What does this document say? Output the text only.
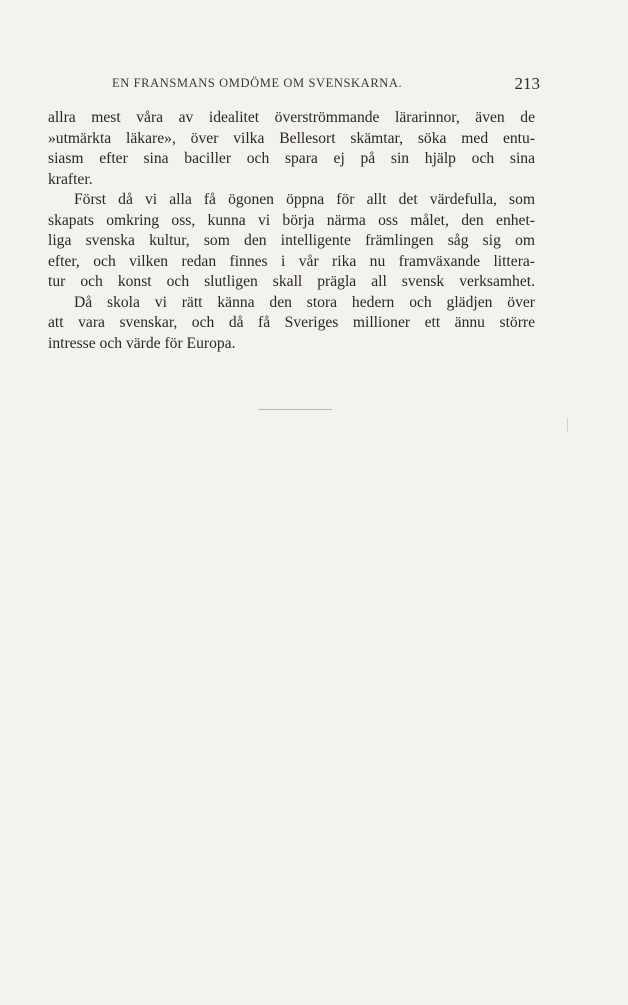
EN FRANSMANS OMDÖME OM SVENSKARNA.	213
allra mest våra av idealitet överströmmande lärarinnor, även de
»utmärkta läkare», över vilka Bellesort skämtar, söka med entu-
siasm efter sina baciller och spara ej på sin hjälp och sina
krafter.
Först då vi alla få ögonen öppna för allt det värdefulla, som
skapats omkring oss, kunna vi börja närma oss målet, den enhet-
liga svenska kultur, som den intelligente främlingen såg sig om
efter, och vilken redan finnes i vår rika nu framväxande littera-
tur och konst och slutligen skall prägla all svensk verksamhet.
Då skola vi rätt känna den stora hedern och glädjen över
att vara svenskar, och då få Sveriges millioner ett ännu större
intresse och värde för Europa.
